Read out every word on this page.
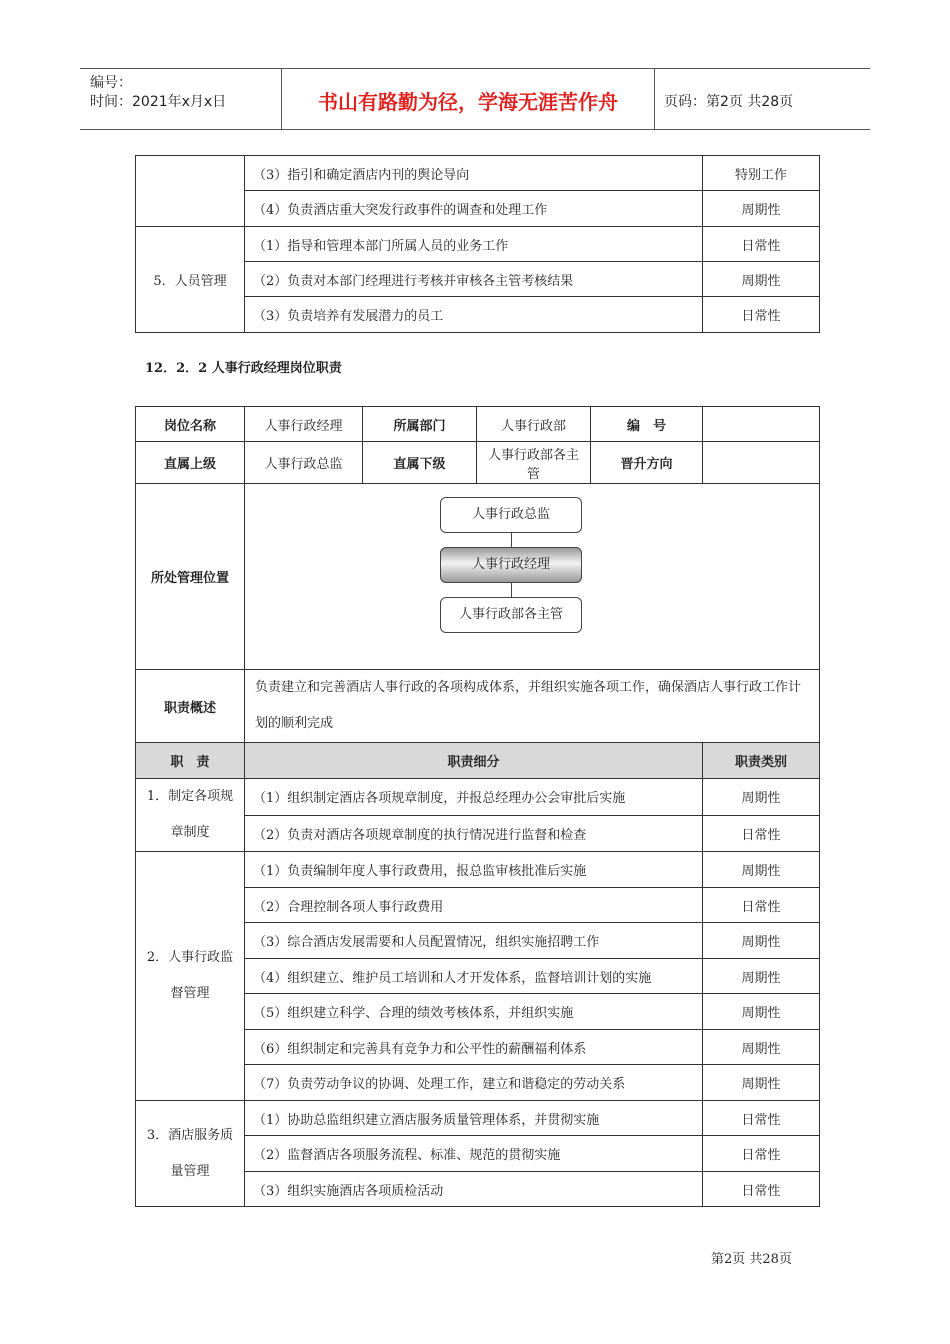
编号：
时间：2021年x月x日	书山有路勤为径，学海无涯苦作舟	页码：第2页 共28页
	（3）指引和确定酒店内刊的舆论导向	特别工作
	（4）负责酒店重大突发行政事件的调查和处理工作	周期性
5．人员管理	（1）指导和管理本部门所属人员的业务工作	日常性
	（2）负责对本部门经理进行考核并审核各主管考核结果	周期性
	（3）负责培养有发展潜力的员工	日常性
12．2．2 人事行政经理岗位职责
岗位名称	人事行政经理	所属部门	人事行政部	编　号	
直属上级	人事行政总监	直属下级	人事行政部各主管	晋升方向	
所处管理位置	人事行政总监
人事行政经理
人事行政部各主管				

职责概述	负责建立和完善酒店人事行政的各项构成体系，并组织实施各项工作，确保酒店人事行政工作计划的顺利完成				
职　责	职责细分				职责类别
1．制定各项规章制度	（1）组织制定酒店各项规章制度，并报总经理办公会审批后实施				周期性
	（2）负责对酒店各项规章制度的执行情况进行监督和检查				日常性
2．人事行政监督管理	（1）负责编制年度人事行政费用，报总监审核批准后实施				周期性
	（2）合理控制各项人事行政费用				日常性
	（3）综合酒店发展需要和人员配置情况，组织实施招聘工作				周期性
	（4）组织建立、维护员工培训和人才开发体系，监督培训计划的实施				周期性
	（5）组织建立科学、合理的绩效考核体系，并组织实施				周期性
	（6）组织制定和完善具有竞争力和公平性的薪酬福利体系				周期性
	（7）负责劳动争议的协调、处理工作，建立和谐稳定的劳动关系				周期性
3．酒店服务质量管理	（1）协助总监组织建立酒店服务质量管理体系，并贯彻实施				日常性
	（2）监督酒店各项服务流程、标准、规范的贯彻实施				日常性
	（3）组织实施酒店各项质检活动				日常性
第2页 共28页
